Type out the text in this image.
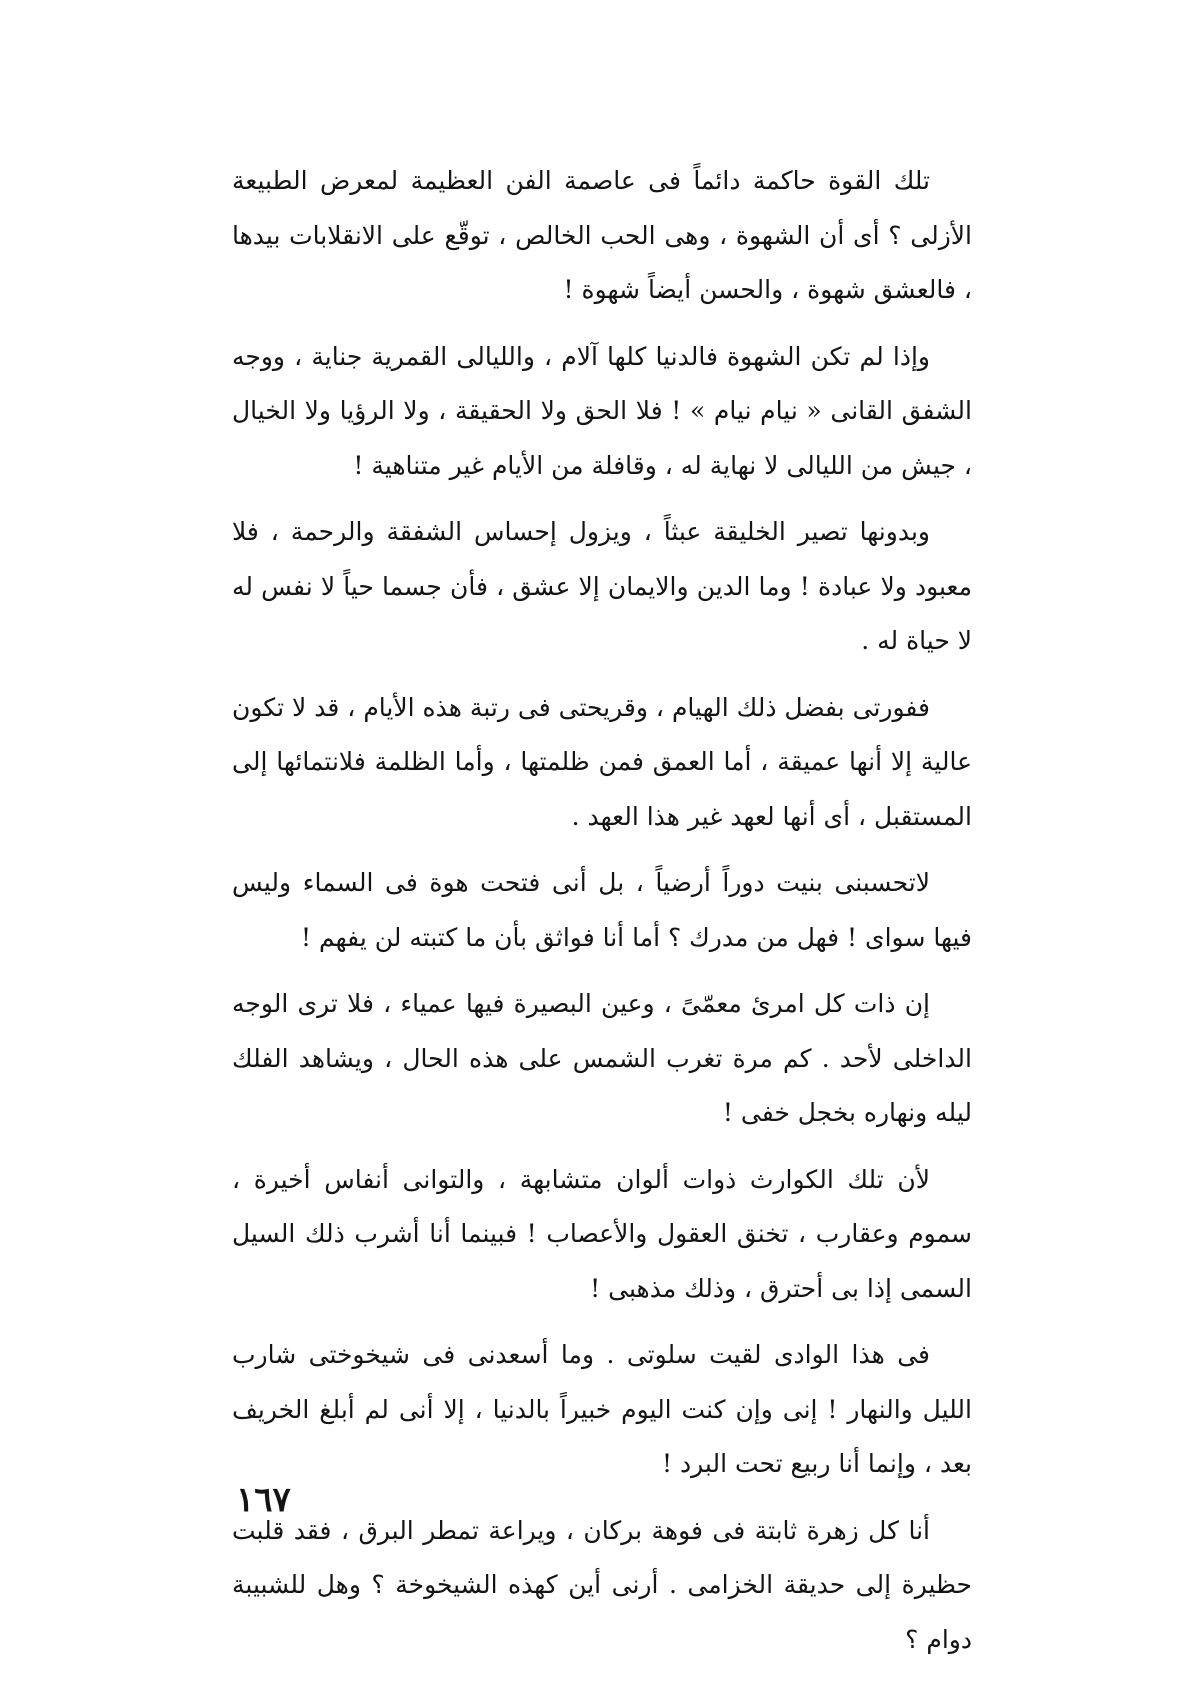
تلك القوة حاكمة دائماً فى عاصمة الفن العظيمة لمعرض الطبيعة الأزلى ؟ أى أن الشهوة ، وهى الحب الخالص ، توقّع على الانقلابات بيدها ، فالعشق شهوة ، والحسن أيضاً شهوة !

وإذا لم تكن الشهوة فالدنيا كلها آلام ، والليالى القمرية جناية ، ووجه الشفق القانى « نيام نيام » ! فلا الحق ولا الحقيقة ، ولا الرؤيا ولا الخيال ، جيش من الليالى لا نهاية له ، وقافلة من الأيام غير متناهية !

وبدونها تصير الخليقة عبثاً ، ويزول إحساس الشفقة والرحمة ، فلا معبود ولا عبادة ! وما الدين والايمان إلا عشق ، فأن جسما حياً لا نفس له لا حياة له .

ففورتى بفضل ذلك الهيام ، وقريحتى فى رتبة هذه الأيام ، قد لا تكون عالية إلا أنها عميقة ، أما العمق فمن ظلمتها ، وأما الظلمة فلانتمائها إلى المستقبل ، أى أنها لعهد غير هذا العهد .

لاتحسبنى بنيت دوراً أرضياً ، بل أنى فتحت هوة فى السماء وليس فيها سواى ! فهل من مدرك ؟ أما أنا فواثق بأن ما كتبته لن يفهم !

إن ذات كل امرئ معمّىً ، وعين البصيرة فيها عمياء ، فلا ترى الوجه الداخلى لأحد . كم مرة تغرب الشمس على هذه الحال ، ويشاهد الفلك ليله ونهاره بخجل خفى !

لأن تلك الكوارث ذوات ألوان متشابهة ، والتوانى أنفاس أخيرة ، سموم وعقارب ، تخنق العقول والأعصاب ! فبينما أنا أشرب ذلك السيل السمى إذا بى أحترق ، وذلك مذهبى !

فى هذا الوادى لقيت سلوتى . وما أسعدنى فى شيخوختى شارب الليل والنهار ! إنى وإن كنت اليوم خبيراً بالدنيا ، إلا أنى لم أبلغ الخريف بعد ، وإنما أنا ربيع تحت البرد !

أنا كل زهرة ثابتة فى فوهة بركان ، ويراعة تمطر البرق ، فقد قلبت حظيرة إلى حديقة الخزامى . أرنى أين كهذه الشيخوخة ؟ وهل للشبيبة دوام ؟

١٦٧
